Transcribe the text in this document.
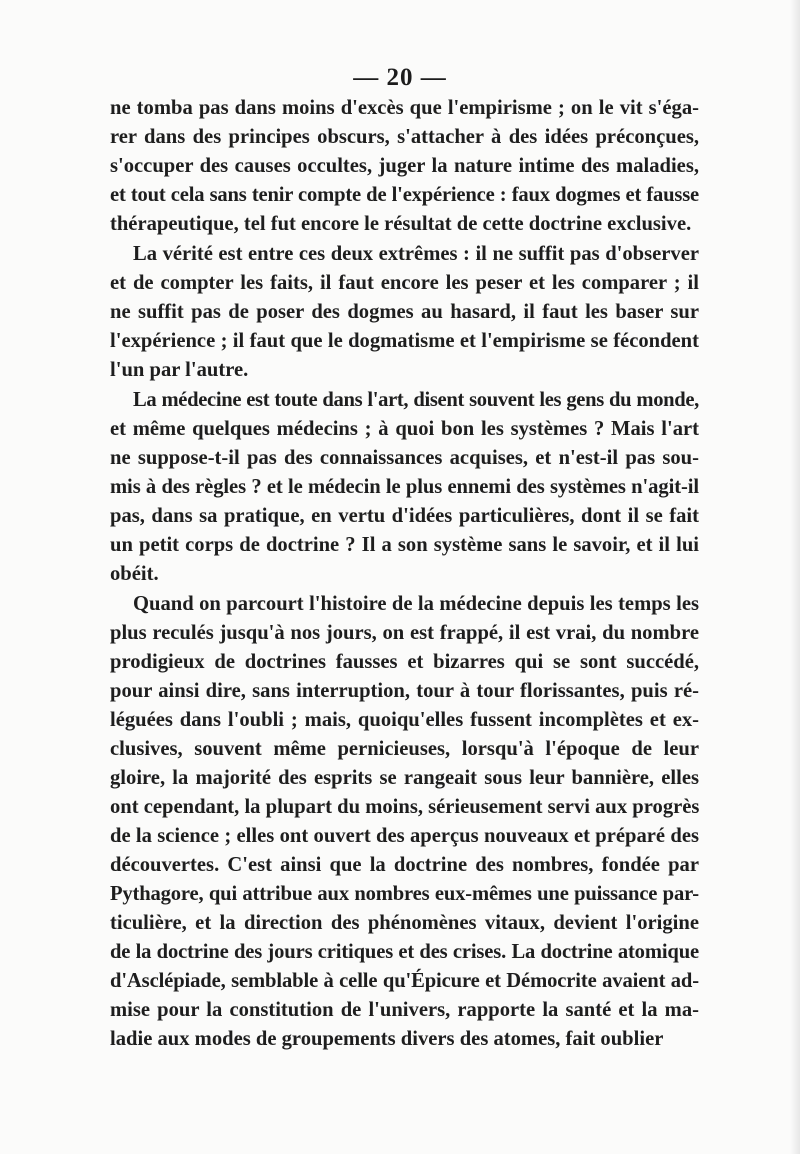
— 20 —
ne tomba pas dans moins d'excès que l'empirisme ; on le vit s'éga-
rer dans des principes obscurs, s'attacher à des idées préconçues,
s'occuper des causes occultes, juger la nature intime des maladies,
et tout cela sans tenir compte de l'expérience : faux dogmes et fausse
thérapeutique, tel fut encore le résultat de cette doctrine exclusive.
La vérité est entre ces deux extrêmes : il ne suffit pas d'observer
et de compter les faits, il faut encore les peser et les comparer ; il
ne suffit pas de poser des dogmes au hasard, il faut les baser sur
l'expérience ; il faut que le dogmatisme et l'empirisme se fécondent
l'un par l'autre.
La médecine est toute dans l'art, disent souvent les gens du monde,
et même quelques médecins ; à quoi bon les systèmes ? Mais l'art
ne suppose-t-il pas des connaissances acquises, et n'est-il pas sou-
mis à des règles ? et le médecin le plus ennemi des systèmes n'agit-il
pas, dans sa pratique, en vertu d'idées particulières, dont il se fait
un petit corps de doctrine ? Il a son système sans le savoir, et il lui
obéit.
Quand on parcourt l'histoire de la médecine depuis les temps les
plus reculés jusqu'à nos jours, on est frappé, il est vrai, du nombre
prodigieux de doctrines fausses et bizarres qui se sont succédé,
pour ainsi dire, sans interruption, tour à tour florissantes, puis ré-
léguées dans l'oubli ; mais, quoiqu'elles fussent incomplètes et ex-
clusives, souvent même pernicieuses, lorsqu'à l'époque de leur
gloire, la majorité des esprits se rangeait sous leur bannière, elles
ont cependant, la plupart du moins, sérieusement servi aux progrès
de la science ; elles ont ouvert des aperçus nouveaux et préparé des
découvertes. C'est ainsi que la doctrine des nombres, fondée par
Pythagore, qui attribue aux nombres eux-mêmes une puissance par-
ticulière, et la direction des phénomènes vitaux, devient l'origine
de la doctrine des jours critiques et des crises. La doctrine atomique
d'Asclépiade, semblable à celle qu'Épicure et Démocrite avaient ad-
mise pour la constitution de l'univers, rapporte la santé et la ma-
ladie aux modes de groupements divers des atomes, fait oublier
